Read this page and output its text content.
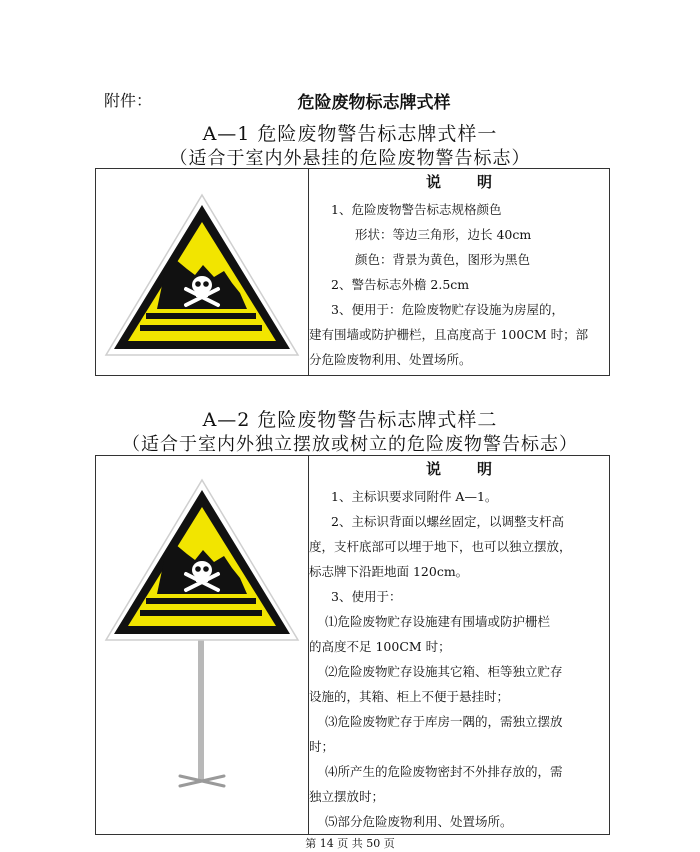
附件：	危险废物标志牌式样
A—1 危险废物警告标志牌式样一
（适合于室内外悬挂的危险废物警告标志）

说 明
1、危险废物警告标志规格颜色
形状：等边三角形，边长 40cm
颜色：背景为黄色，图形为黑色
2、警告标志外檐 2.5cm
3、便用于：危险废物贮存设施为房屋的，
建有围墙或防护栅栏，且高度高于 100CM 时；部
分危险废物利用、处置场所。
A—2 危险废物警告标志牌式样二
（适合于室内外独立摆放或树立的危险废物警告标志）

说 明
1、主标识要求同附件 A—1。
2、主标识背面以螺丝固定，以调整支杆高
度，支杆底部可以埋于地下，也可以独立摆放，
标志牌下沿距地面 120cm。
3、使用于：
⑴危险废物贮存设施建有围墙或防护栅栏
的高度不足 100CM 时；
⑵危险废物贮存设施其它箱、柜等独立贮存
设施的，其箱、柜上不便于悬挂时；
⑶危险废物贮存于库房一隅的，需独立摆放
时；
⑷所产生的危险废物密封不外排存放的，需
独立摆放时；
⑸部分危险废物利用、处置场所。
第 14 页 共 50 页
